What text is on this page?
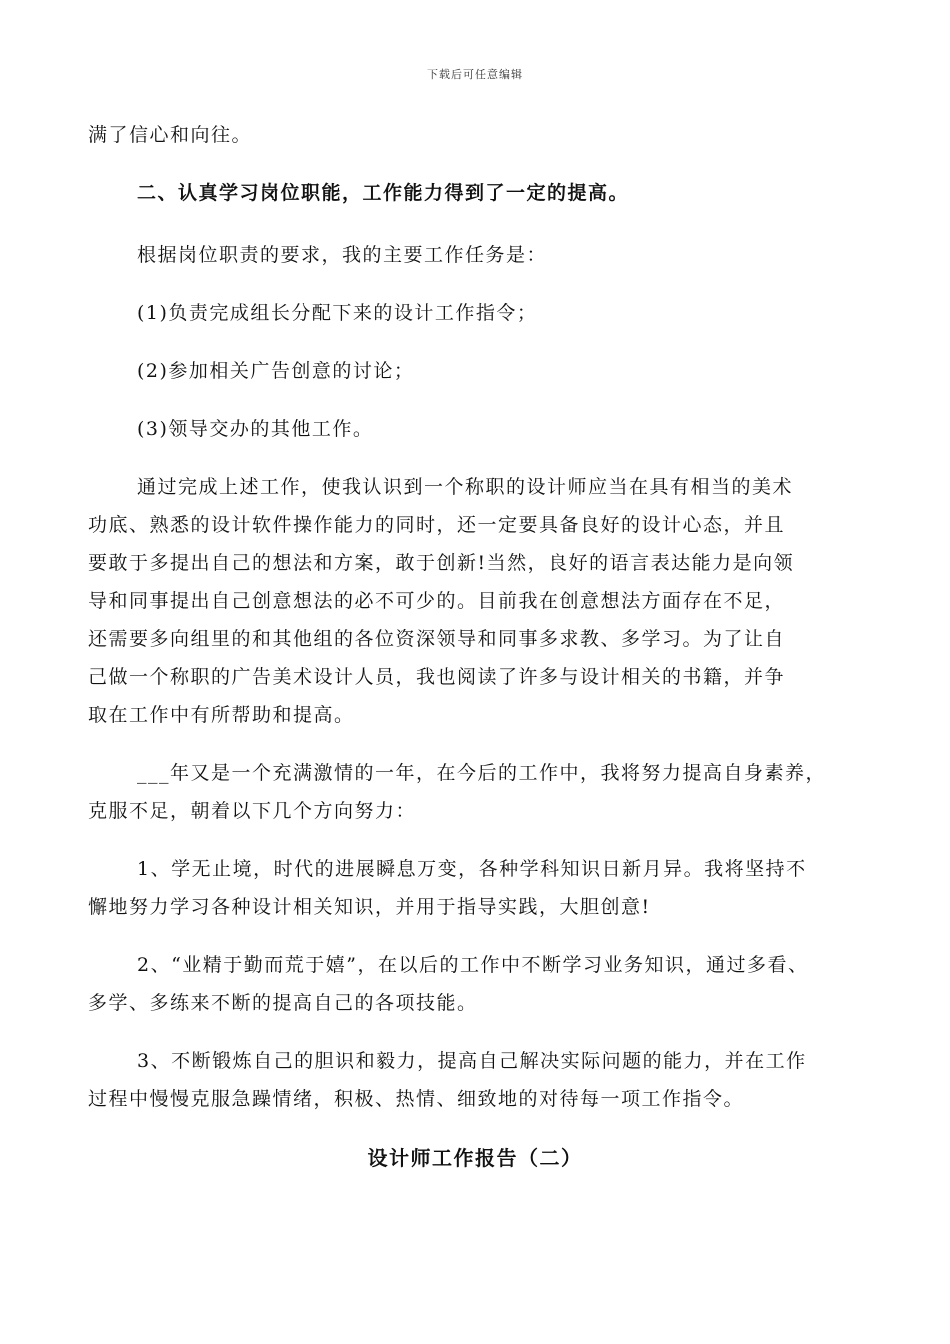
下载后可任意编辑
满了信心和向往。
二、认真学习岗位职能，工作能力得到了一定的提高。
根据岗位职责的要求，我的主要工作任务是：
(1)负责完成组长分配下来的设计工作指令；
(2)参加相关广告创意的讨论；
(3)领导交办的其他工作。
通过完成上述工作，使我认识到一个称职的设计师应当在具有相当的美术
功底、熟悉的设计软件操作能力的同时，还一定要具备良好的设计心态，并且
要敢于多提出自己的想法和方案，敢于创新!当然，良好的语言表达能力是向领
导和同事提出自己创意想法的必不可少的。目前我在创意想法方面存在不足，
还需要多向组里的和其他组的各位资深领导和同事多求教、多学习。为了让自
己做一个称职的广告美术设计人员，我也阅读了许多与设计相关的书籍，并争
取在工作中有所帮助和提高。
___年又是一个充满激情的一年，在今后的工作中，我将努力提高自身素养，
克服不足，朝着以下几个方向努力：
1、学无止境，时代的进展瞬息万变，各种学科知识日新月异。我将坚持不
懈地努力学习各种设计相关知识，并用于指导实践，大胆创意!
2、“业精于勤而荒于嬉”，在以后的工作中不断学习业务知识，通过多看、
多学、多练来不断的提高自己的各项技能。
3、不断锻炼自己的胆识和毅力，提高自己解决实际问题的能力，并在工作
过程中慢慢克服急躁情绪，积极、热情、细致地的对待每一项工作指令。
设计师工作报告（二）
